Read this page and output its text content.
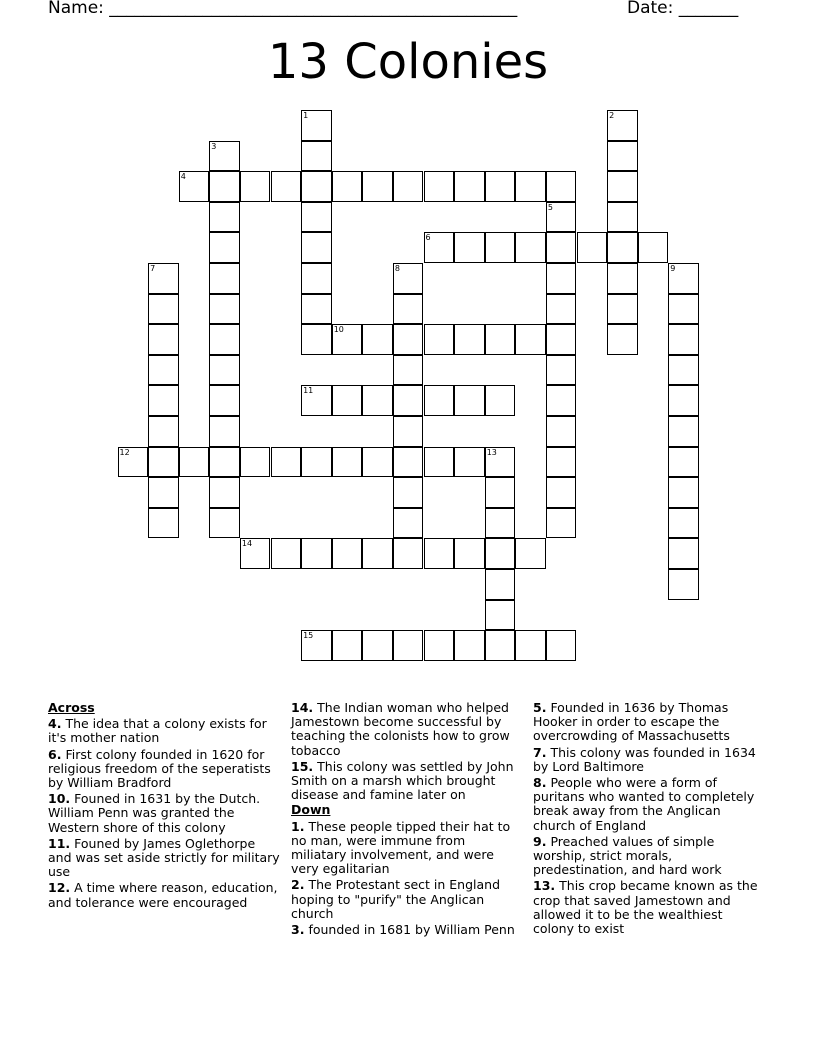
Name: ________________________________________________	Date: _______
13 Colonies
1	2
3
4
5
6
7	8	9
10
11
12	13
14
15
Across
4. The idea that a colony exists for it's mother nation
6. First colony founded in 1620 for religious freedom of the seperatists by William Bradford
10. Founed in 1631 by the Dutch. William Penn was granted the Western shore of this colony
11. Founed by James Oglethorpe and was set aside strictly for military use
12. A time where reason, education, and tolerance were encouraged
14. The Indian woman who helped Jamestown become successful by teaching the colonists how to grow tobacco
15. This colony was settled by John Smith on a marsh which brought disease and famine later on
Down
1. These people tipped their hat to no man, were immune from miliatary involvement, and were very egalitarian
2. The Protestant sect in England hoping to "purify" the Anglican church
3. founded in 1681 by William Penn
5. Founded in 1636 by Thomas Hooker in order to escape the overcrowding of Massachusetts
7. This colony was founded in 1634 by Lord Baltimore
8. People who were a form of puritans who wanted to completely break away from the Anglican church of England
9. Preached values of simple worship, strict morals, predestination, and hard work
13. This crop became known as the crop that saved Jamestown and allowed it to be the wealthiest colony to exist
